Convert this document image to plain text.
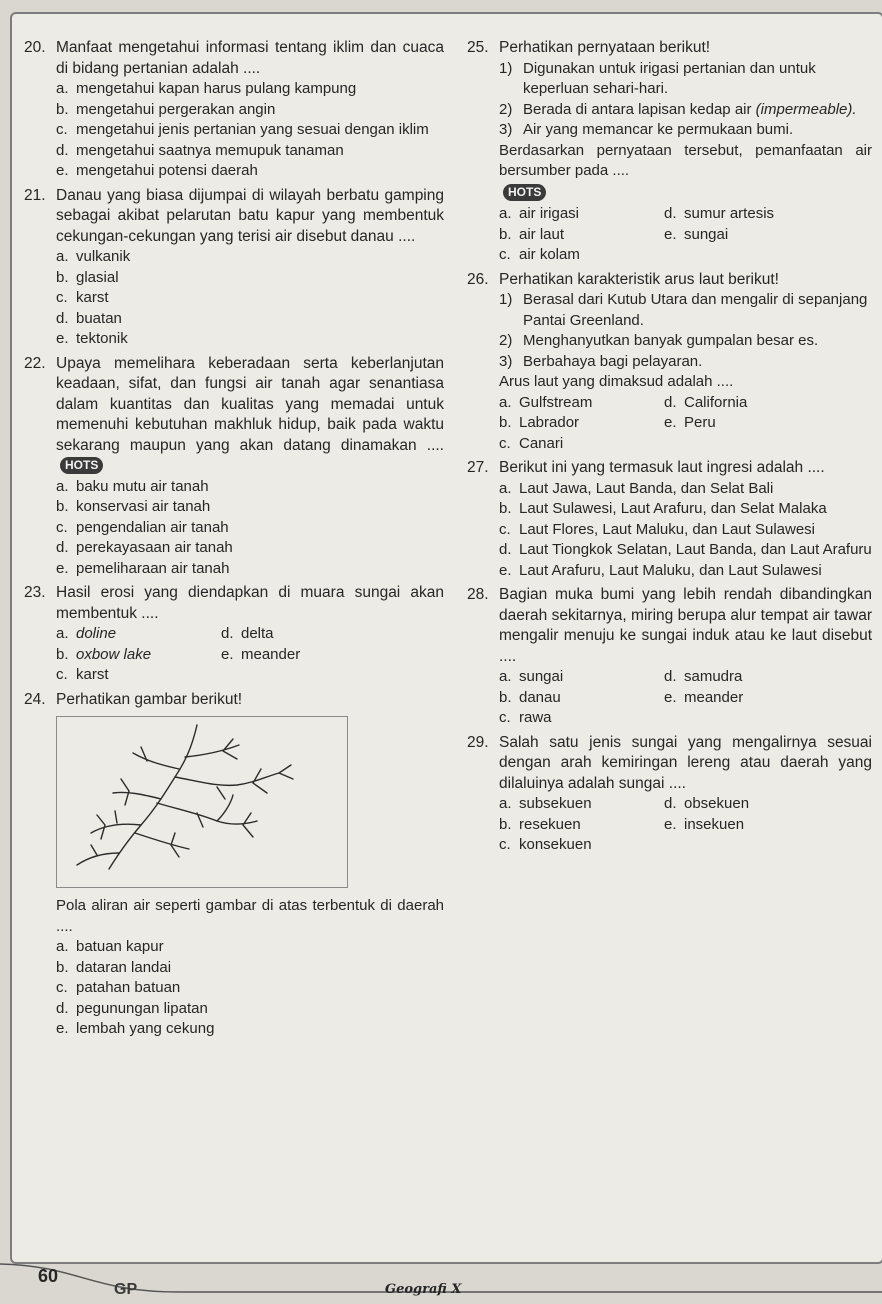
20. Manfaat mengetahui informasi tentang iklim dan cuaca di bidang pertanian adalah ....
a. mengetahui kapan harus pulang kampung
b. mengetahui pergerakan angin
c. mengetahui jenis pertanian yang sesuai dengan iklim
d. mengetahui saatnya memupuk tanaman
e. mengetahui potensi daerah
21. Danau yang biasa dijumpai di wilayah berbatu gamping sebagai akibat pelarutan batu kapur yang membentuk cekungan-cekungan yang terisi air disebut danau ....
a. vulkanik
b. glasial
c. karst
d. buatan
e. tektonik
22. Upaya memelihara keberadaan serta keberlanjutan keadaan, sifat, dan fungsi air tanah agar senantiasa dalam kuantitas dan kualitas yang memadai untuk memenuhi kebutuhan makhluk hidup, baik pada waktu sekarang maupun yang akan datang dinamakan ....HOTS
a. baku mutu air tanah
b. konservasi air tanah
c. pengendalian air tanah
d. perekayasaan air tanah
e. pemeliharaan air tanah
23. Hasil erosi yang diendapkan di muara sungai akan membentuk ....
a. doline	d. delta
b. oxbow lake	e. meander
c. karst
24. Perhatikan gambar berikut!
Pola aliran air seperti gambar di atas terbentuk di daerah ....
a. batuan kapur
b. dataran landai
c. patahan batuan
d. pegunungan lipatan
e. lembah yang cekung
25. Perhatikan pernyataan berikut!
1) Digunakan untuk irigasi pertanian dan untuk keperluan sehari-hari.
2) Berada di antara lapisan kedap air (impermeable).
3) Air yang memancar ke permukaan bumi.
Berdasarkan pernyataan tersebut, pemanfaatan air bersumber pada ....
HOTS
a. air irigasi	d. sumur artesis
b. air laut	e. sungai
c. air kolam
26. Perhatikan karakteristik arus laut berikut!
1) Berasal dari Kutub Utara dan mengalir di sepanjang Pantai Greenland.
2) Menghanyutkan banyak gumpalan besar es.
3) Berbahaya bagi pelayaran.
Arus laut yang dimaksud adalah ....
a. Gulfstream	d. California
b. Labrador	e. Peru
c. Canari
27. Berikut ini yang termasuk laut ingresi adalah ....
a. Laut Jawa, Laut Banda, dan Selat Bali
b. Laut Sulawesi, Laut Arafuru, dan Selat Malaka
c. Laut Flores, Laut Maluku, dan Laut Sulawesi
d. Laut Tiongkok Selatan, Laut Banda, dan Laut Arafuru
e. Laut Arafuru, Laut Maluku, dan Laut Sulawesi
28. Bagian muka bumi yang lebih rendah dibandingkan daerah sekitarnya, miring berupa alur tempat air tawar mengalir menuju ke sungai induk atau ke laut disebut ....
a. sungai	d. samudra
b. danau	e. meander
c. rawa
29. Salah satu jenis sungai yang mengalirnya sesuai dengan arah kemiringan lereng atau daerah yang dilaluinya adalah sungai ....
a. subsekuen	d. obsekuen
b. resekuen	e. insekuen
c. konsekuen
60
GP	Geografi X
